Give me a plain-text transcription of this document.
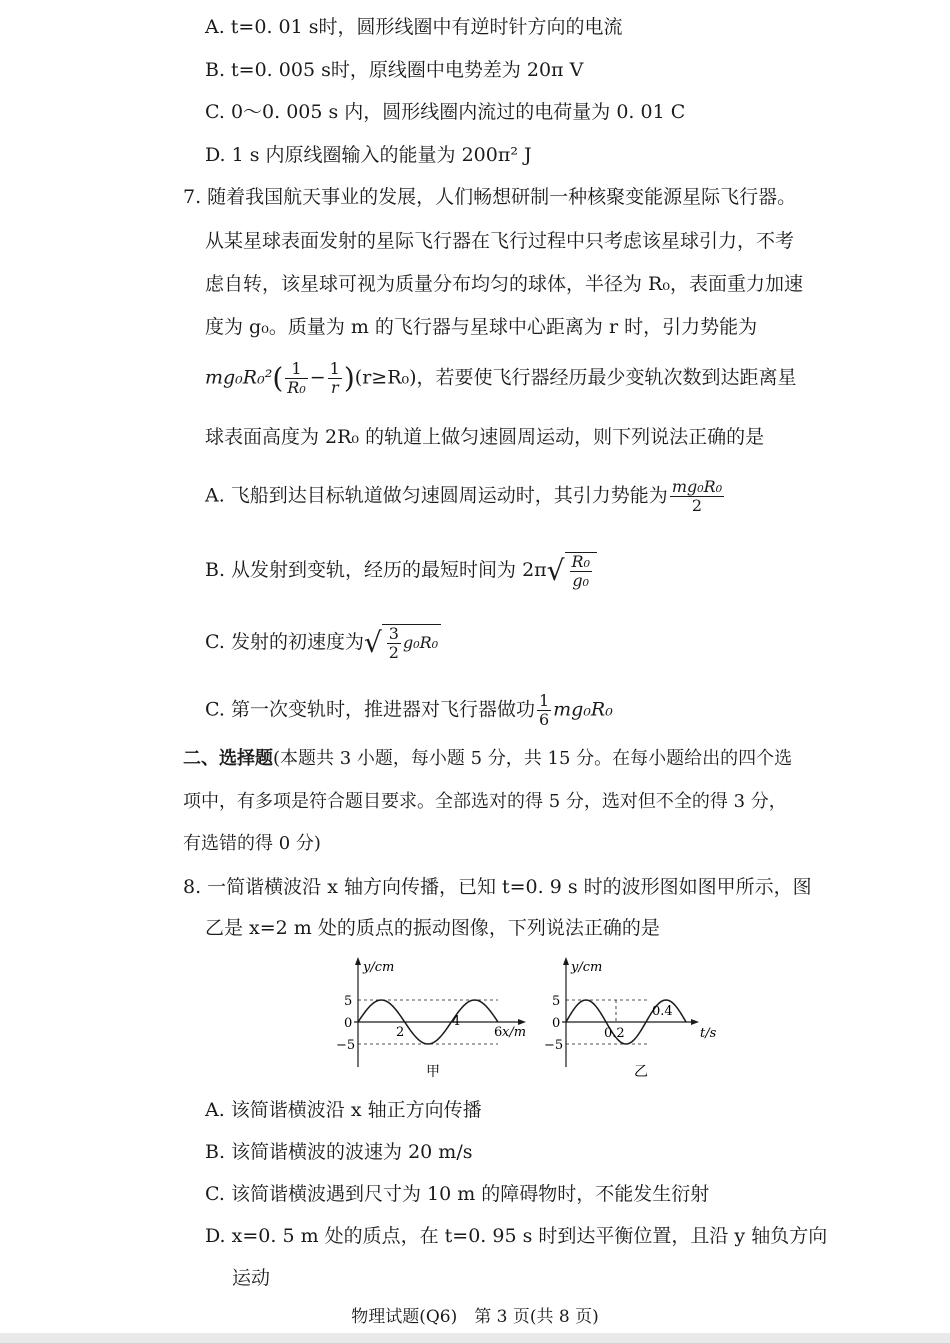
A. t=0. 01 s时，圆形线圈中有逆时针方向的电流
B. t=0. 005 s时，原线圈中电势差为 20π V
C. 0～0. 005 s 内，圆形线圈内流过的电荷量为 0. 01 C
D. 1 s 内原线圈输入的能量为 200π² J
7. 随着我国航天事业的发展，人们畅想研制一种核聚变能源星际飞行器。
从某星球表面发射的星际飞行器在飞行过程中只考虑该星球引力，不考
虑自转，该星球可视为质量分布均匀的球体，半径为 R₀，表面重力加速
度为 g₀。质量为 m 的飞行器与星球中心距离为 r 时，引力势能为
$mg_0R_0^2( \frac{1}{\text{R₀}} - \frac{1}{r} )(r\ge R_0)$，若要使飞行器经历最少变轨次数到达距离星
球表面高度为 2R₀ 的轨道上做匀速圆周运动，则下列说法正确的是
A. 飞船到达目标轨道做匀速圆周运动时，其引力势能为 $\frac{\text{mg₀R₀}}{2}$
B. 从发射到变轨，经历的最短时间为 $2\pi√ \frac{\text{R₀}}{\text{g₀}}$
C. 发射的初速度为√ $\frac{3}{2} g_0R_0$
C. 第一次变轨时，推进器对飞行器做功 $\frac{1}{6} mg_0R_0$
二、选择题(本题共 3 小题，每小题 5 分，共 15 分。在每小题给出的四个选
项中，有多项是符合题目要求。全部选对的得 5 分，选对但不全的得 3 分，
有选错的得 0 分)
8. 一简谐横波沿 x 轴方向传播，已知 t=0. 9 s 时的波形图如图甲所示，图
乙是 x=2 m 处的质点的振动图像，下列说法正确的是
y/cm
5
0
−5
2
4
6 x/m
甲
y/cm
5
0
−5
0.2
0.4
t/s
乙
A. 该简谐横波沿 x 轴正方向传播
B. 该简谐横波的波速为 20 m/s
C. 该简谐横波遇到尺寸为 10 m 的障碍物时，不能发生衍射
D. x=0. 5 m 处的质点，在 t=0. 95 s 时到达平衡位置，且沿 y 轴负方向
运动
物理试题(Q6)　第 3 页(共 8 页)
